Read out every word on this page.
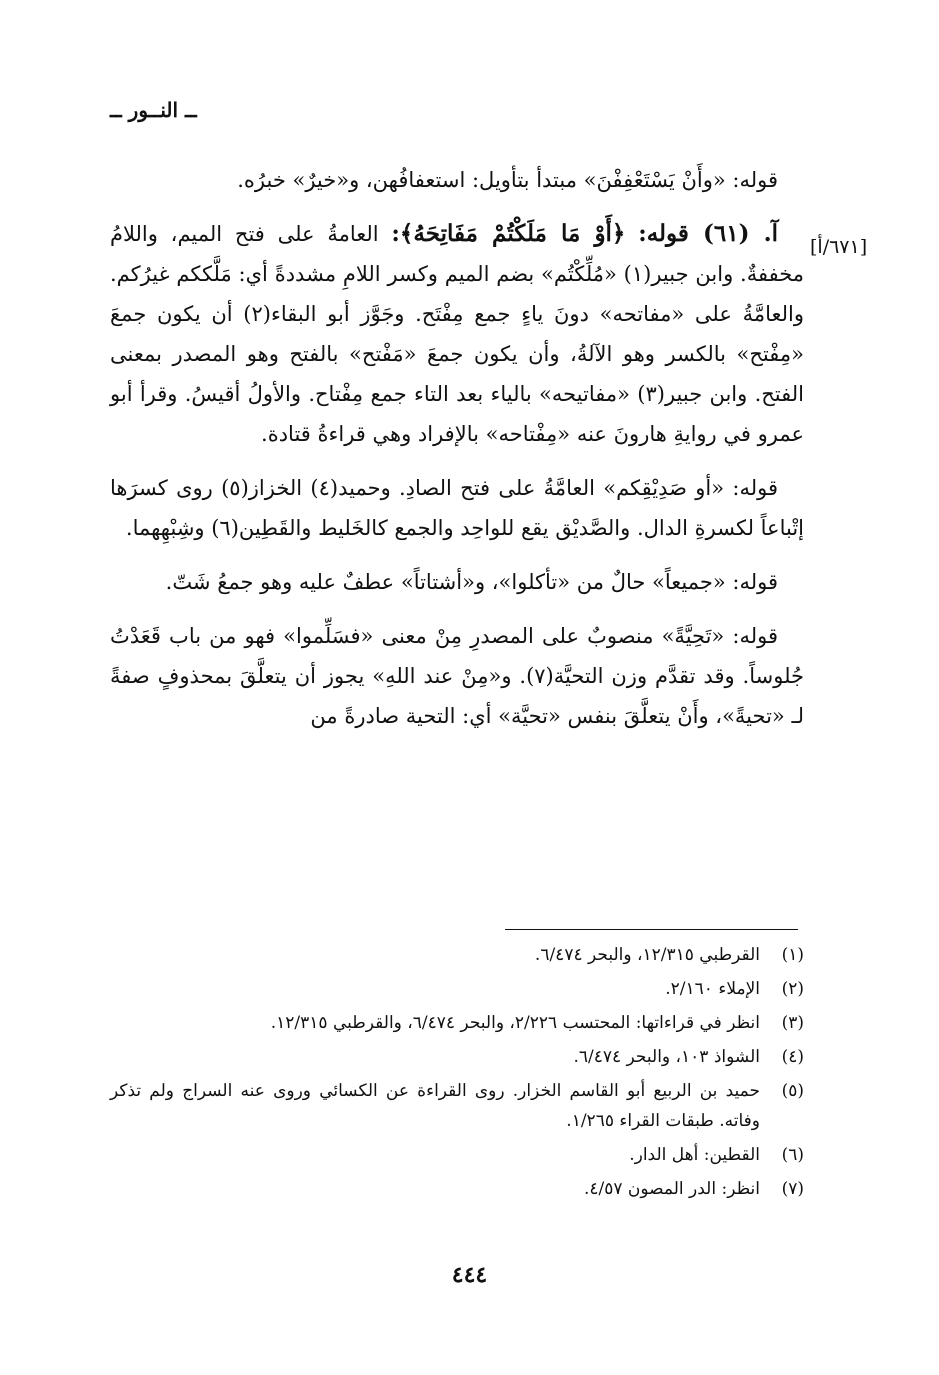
ــ النــور ــ
[٦٧١/أ]

قوله: «وأَنْ يَسْتَعْفِفْنَ» مبتدأ بتأويل: استعفافُهن، و«خيرٌ» خبرُه.

آ. (٦١) قوله: ﴿أَوْ مَا مَلَكْتُمْ مَفَاتِحَهُ﴾: العامةُ على فتح الميم، واللامُ مخففةٌ. وابن جبير(١) «مُلِّكْتُم» بضم الميم وكسر اللامِ مشددةً أي: مَلَّككم غيرُكم. والعامَّةُ على «مفاتحه» دونَ ياءٍ جمع مِفْتَح. وجَوَّز أبو البقاء(٢) أن يكون جمعَ «مِفْتح» بالكسر وهو الآلةُ، وأن يكون جمعَ «مَفْتح» بالفتح وهو المصدر بمعنى الفتح. وابن جبير(٣) «مفاتيحه» بالياء بعد التاء جمع مِفْتاح. والأولُ أقيسُ. وقرأ أبو عمرو في روايةِ هارونَ عنه «مِفْتاحه» بالإفراد وهي قراءةُ قتادة.

قوله: «أو صَدِيْقِكم» العامَّةُ على فتح الصادِ. وحميد(٤) الخزاز(٥) روى كسرَها إتْباعاً لكسرةِ الدال. والصَّديْق يقع للواحِد والجمع كالخَليط والقَطِين(٦) وشِبْهِهما.

قوله: «جميعاً» حالٌ من «تأكلوا»، و«أشتاتاً» عطفٌ عليه وهو جمعُ شَتّ.

قوله: «تَحِيَّةً» منصوبٌ على المصدرِ مِنْ معنى «فسَلِّموا» فهو من باب قَعَدْتُ جُلوساً. وقد تقدَّم وزن التحيَّة(٧). و«مِنْ عند اللهِ» يجوز أن يتعلَّقَ بمحذوفٍ صفةً لـ «تحيةً»، وأَنْ يتعلَّقَ بنفس «تحيَّة» أي: التحية صادرةً من

(١)
القرطبي ١٢/٣١٥، والبحر ٦/٤٧٤.
(٢)
الإملاء ٢/١٦٠.
(٣)
انظر في قراءاتها: المحتسب ٢/٢٢٦، والبحر ٦/٤٧٤، والقرطبي ١٢/٣١٥.
(٤)
الشواذ ١٠٣، والبحر ٦/٤٧٤.
(٥)
حميد بن الربيع أبو القاسم الخزار. روى القراءة عن الكسائي وروى عنه السراج ولم تذكر وفاته. طبقات القراء ١/٢٦٥.
(٦)
القطين: أهل الدار.
(٧)
انظر: الدر المصون ٤/٥٧.
٤٤٤
